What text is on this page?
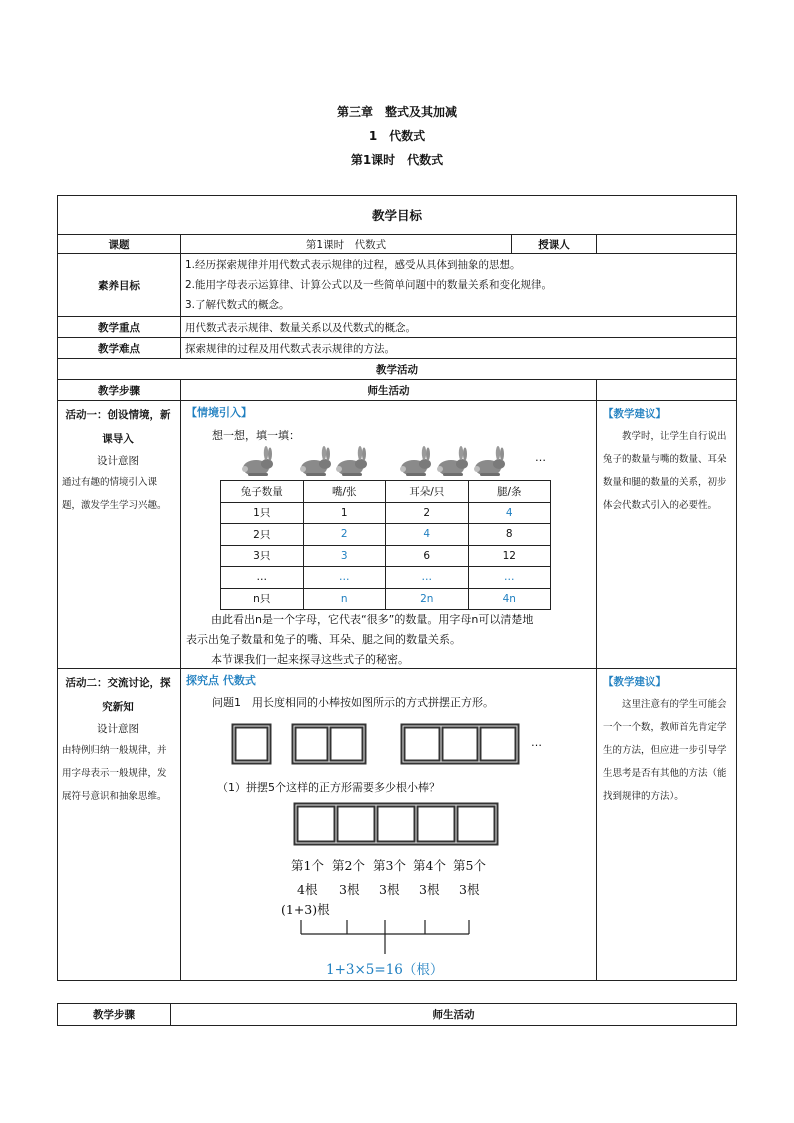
第三章　整式及其加减
1　代数式
第1课时　代数式
教学目标
课题	第1课时　代数式	授课人	
素养目标	
1.经历探索规律并用代数式表示规律的过程，感受从具体到抽象的思想。
2.能用字母表示运算律、计算公式以及一些简单问题中的数量关系和变化规律。
3.了解代数式的概念。

教学重点	用代数式表示规律、数量关系以及代数式的概念。
教学难点	探索规律的过程及用代数式表示规律的方法。
教学活动
教学步骤	师生活动	

活动一：创设情境，新课导入
设计意图
通过有趣的情境引入课题，激发学生学习兴趣。

【情境引入】
想一想，填一填：
…
兔子数量	嘴/张	耳朵/只	腿/条
1只	1	2	4
2只	2	4	8
3只	3	6	12
…	…	…	…
n只	n	2n	4n
由此看出n是一个字母，它代表“很多”的数量。用字母n可以清楚地
表示出兔子数量和兔子的嘴、耳朵、腿之间的数量关系。
本节课我们一起来探寻这些式子的秘密。

【教学建议】
教学时，让学生自行说出兔子的数量与嘴的数量、耳朵数量和腿的数量的关系，初步体会代数式引入的必要性。

活动二：交流讨论，探究新知
设计意图
由特例归纳一般规律，并用字母表示一般规律，发展符号意识和抽象思维。

探究点 代数式
问题1　用长度相同的小棒按如图所示的方式拼摆正方形。
…
（1）拼摆5个这样的正方形需要多少根小棒？
第1个 第2个 第3个 第4个 第5个
4根 3根 3根 3根 3根
(1+3)根
1+3×5=16（根）

【教学建议】
这里注意有的学生可能会一个一个数，教师首先肯定学生的方法，但应进一步引导学生思考是否有其他的方法（能找到规律的方法）。
教学步骤	师生活动
